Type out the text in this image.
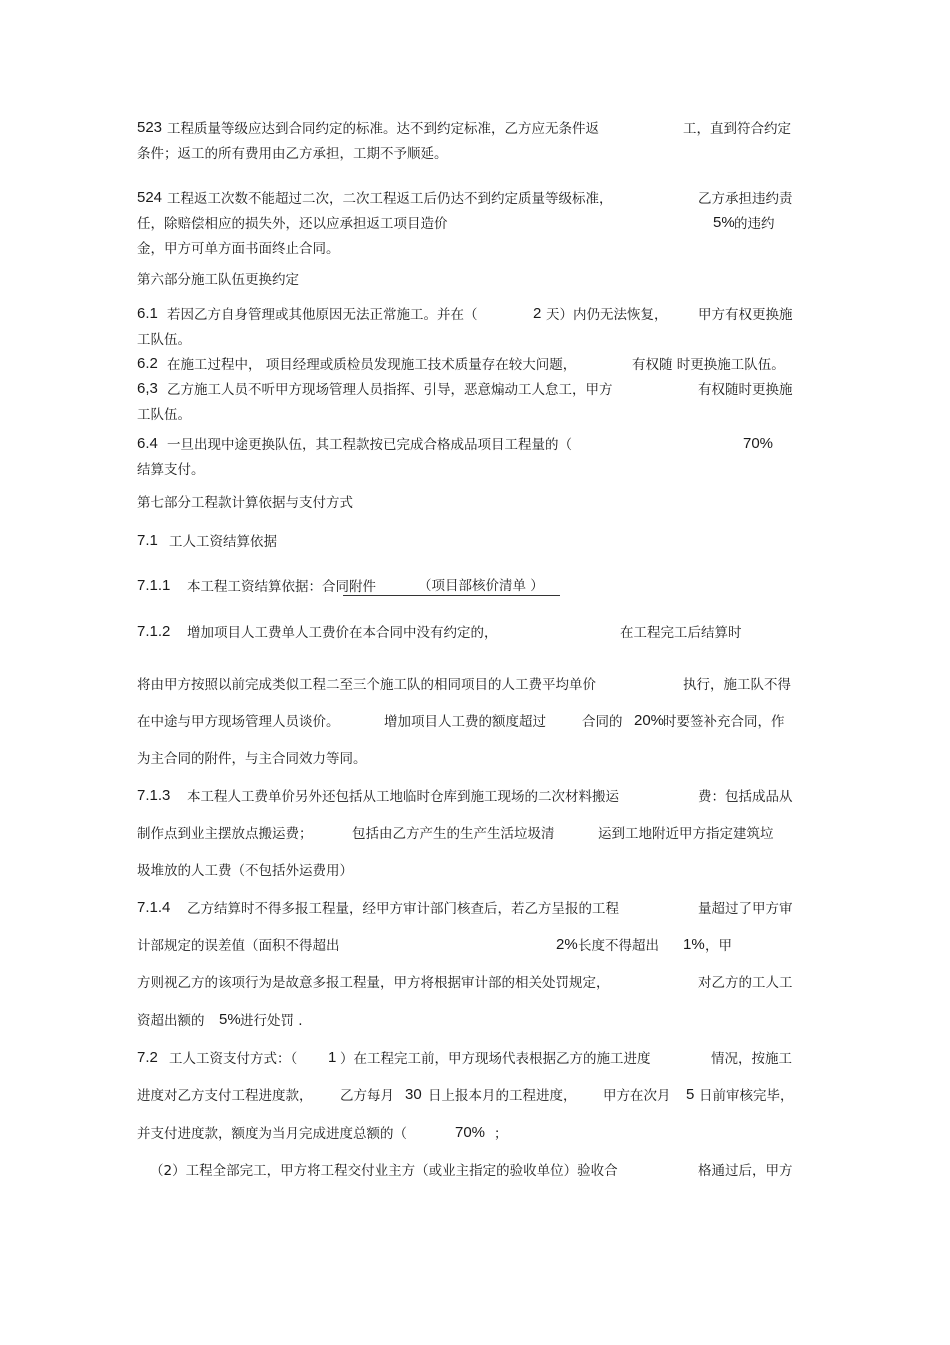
523 工程质量等级应达到合同约定的标准。达不到约定标准，乙方应无条件返	工，直到符合约定
条件；返工的所有费用由乙方承担，工期不予顺延。
524 工程返工次数不能超过二次，二次工程返工后仍达不到约定质量等级标准，	乙方承担违约责
任，除赔偿相应的损失外，还以应承担返工项目造价	5% 的违约
金，甲方可单方面书面终止合同。
第六部分施工队伍更换约定
6.1 若因乙方自身管理或其他原因无法正常施工。并在（	2 天）内仍无法恢复， 甲方有权更换施
工队伍。
6.2 在施工过程中， 项目经理或质检员发现施工技术质量存在较大问题，	有权随 时更换施工队伍。
6,3 乙方施工人员不听甲方现场管理人员指挥、引导，恶意煽动工人怠工，甲方	有权随时更换施
工队伍。
6.4 一旦出现中途更换队伍，其工程款按已完成合格成品项目工程量的（	70%
结算支付。
第七部分工程款计算依据与支付方式
7.1 工人工资结算依据
7.1.1 本工程工资结算依据：合同附件	（项目部核价清单 ）
7.1.2 增加项目人工费单人工费价在本合同中没有约定的，	在工程完工后结算时
将由甲方按照以前完成类似工程二至三个施工队的相同项目的人工费平均单价	执行，施工队不得
在中途与甲方现场管理人员谈价。	增加项目人工费的额度超过	合同的 20%
时要签补充合同，作
为主合同的附件，与主合同效力等同。
7.1.3 本工程人工费单价另外还包括从工地临时仓库到施工现场的二次材料搬运	费：包括成品从
制作点到业主摆放点搬运费；	包括由乙方产生的生产生活垃圾清	运到工地附近甲方指定建筑垃
圾堆放的人工费（不包括外运费用）
7.1.4 乙方结算时不得多报工程量，经甲方审计部门核查后，若乙方呈报的工程	量超过了甲方审
计部规定的误差值（面积不得超出	2% 长度不得超出 1% ，甲
方则视乙方的该项行为是故意多报工程量，甲方将根据审计部的相关处罚规定，	对乙方的工人工
资超出额的 5% 进行处罚 .
7.2 工人工资支付方式：（ 1 ）在工程完工前，甲方现场代表根据乙方的施工进度	情况，按施工
进度对乙方支付工程进度款， 乙方每月 30 日上报本月的工程进度， 甲方在次月 5 日前审核完毕，
并支付进度款，额度为当月完成进度总额的（	70% ；
（2）工程全部完工，甲方将工程交付业主方（或业主指定的验收单位）验收合	格通过后，甲方
